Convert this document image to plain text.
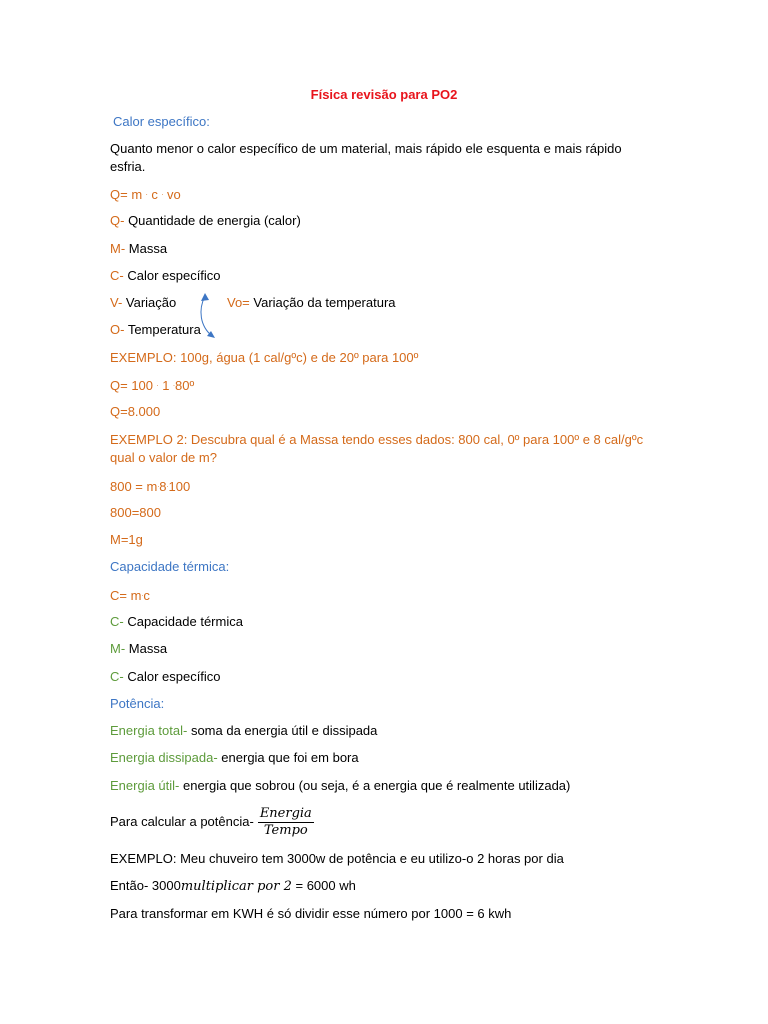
Física revisão para PO2
Calor específico:
Quanto menor o calor específico de um material, mais rápido ele esquenta e mais rápido esfria.
Q= m . c . vo
Q- Quantidade de energia (calor)
M- Massa
C- Calor específico
V- Variação	Vo= Variação da temperatura
O- Temperatura
EXEMPLO: 100g, água (1 cal/gºc) e de 20º para 100º
Q= 100 . 1 .80º
Q=8.000
EXEMPLO 2: Descubra qual é a Massa tendo esses dados: 800 cal, 0º para 100º e 8 cal/gºc qual o valor de m?
800 = m.8.100
800=800
M=1g
Capacidade térmica:
C= m.c
C- Capacidade térmica
M- Massa
C- Calor específico
Potência:
Energia total- soma da energia útil e dissipada
Energia dissipada- energia que foi em bora
Energia útil- energia que sobrou (ou seja, é a energia que é realmente utilizada)
Para calcular a potência- $\frac{\text{Energia}}{\text{Tempo}}$
EXEMPLO: Meu chuveiro tem 3000w de potência e eu utilizo-o 2 horas por dia
Então- 3000multiplicar por 2 = 6000 wh
Para transformar em KWH é só dividir esse número por 1000 = 6 kwh
